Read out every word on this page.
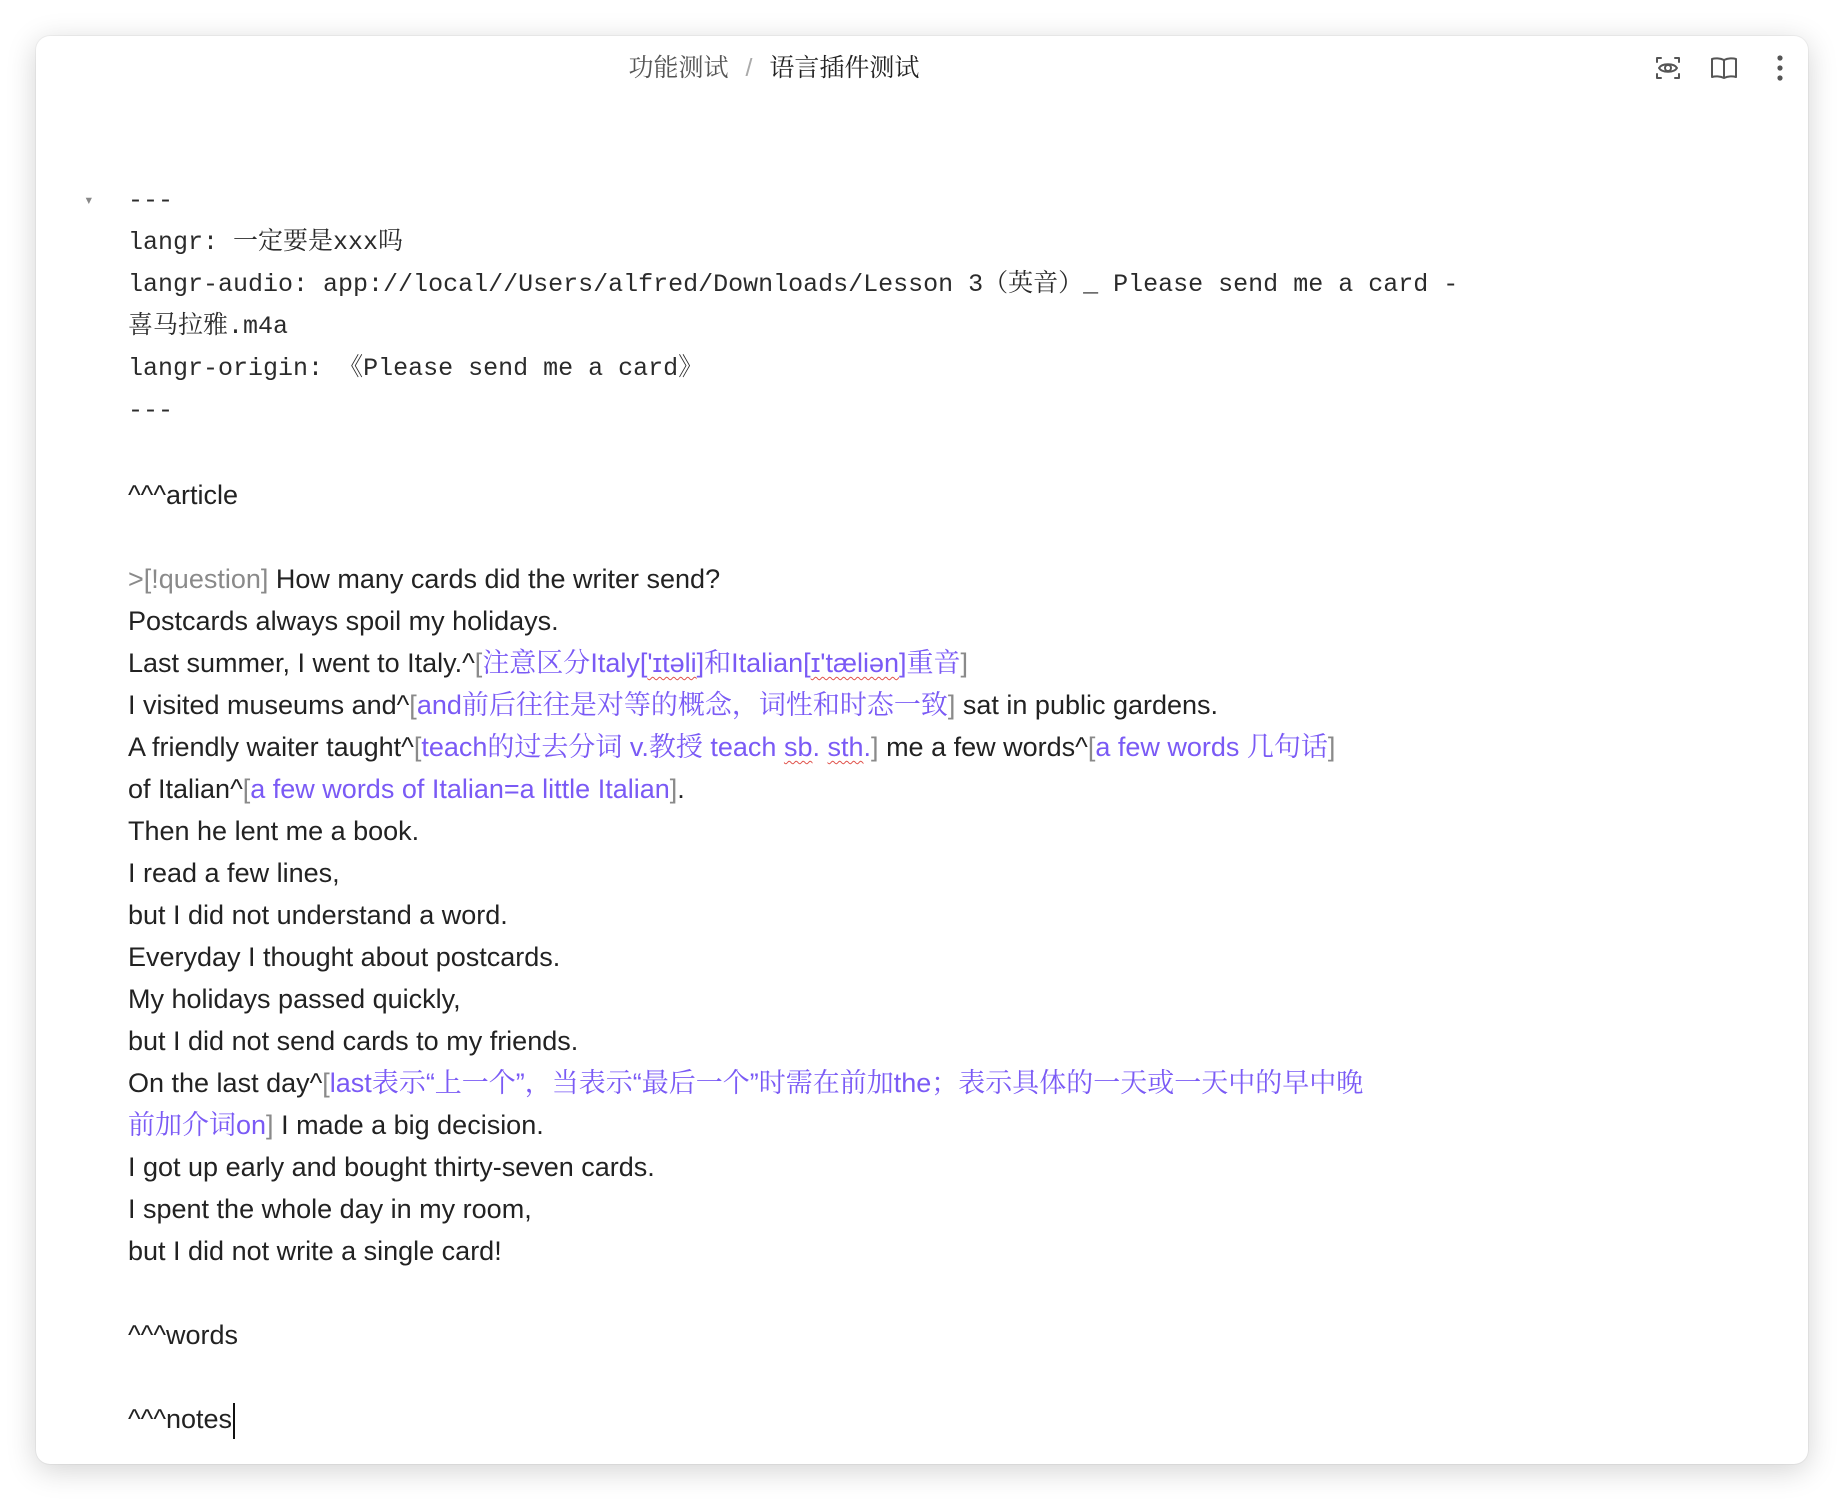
功能测试 / 语言插件测试
▾ ---
langr: 一定要是xxx吗
langr-audio: app://local//Users/alfred/Downloads/Lesson 3（英音）_ Please send me a card -
喜马拉雅.m4a
langr-origin: 《Please send me a card》
---
^^^article
>[!question] How many cards did the writer send?
Postcards always spoil my holidays.
Last summer, I went to Italy.^[注意区分Italy['ɪtəli]和Italian[ɪ'tæliən]重音]
I visited museums and^[and前后往往是对等的概念，词性和时态一致] sat in public gardens.
A friendly waiter taught^[teach的过去分词 v.教授 teach sb. sth.] me a few words^[a few words 几句话]
of Italian^[a few words of Italian=a little Italian].
Then he lent me a book.
I read a few lines,
but I did not understand a word.
Everyday I thought about postcards.
My holidays passed quickly,
but I did not send cards to my friends.
On the last day^[last表示“上一个”，当表示“最后一个”时需在前加the；表示具体的一天或一天中的早中晚
前加介词on] I made a big decision.
I got up early and bought thirty-seven cards.
I spent the whole day in my room,
but I did not write a single card!
^^^words
^^^notes
